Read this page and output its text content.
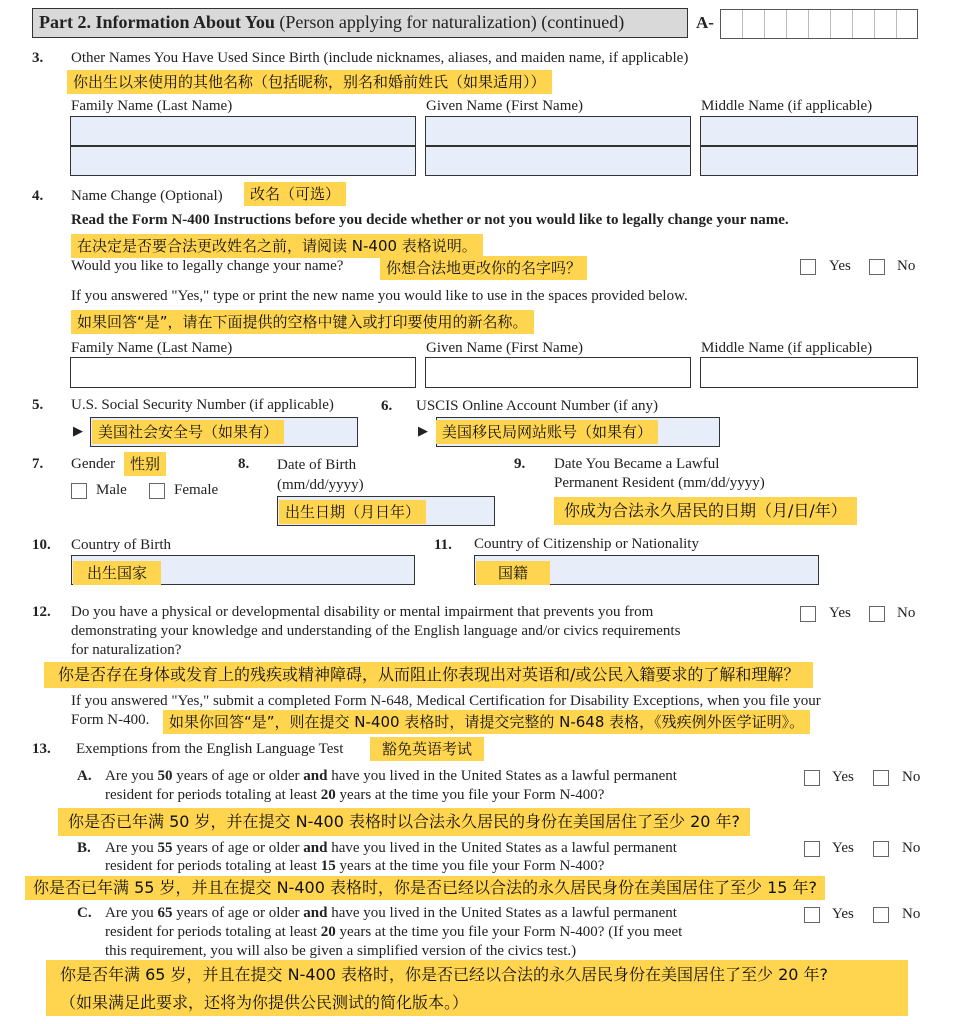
Part 2. Information About You (Person applying for naturalization) (continued)	A-
3. Other Names You Have Used Since Birth (include nicknames, aliases, and maiden name, if applicable)
你出生以来使用的其他名称（包括昵称，别名和婚前姓氏（如果适用））
Family Name (Last Name)	Given Name (First Name)	Middle Name (if applicable)
4. Name Change (Optional)	改名（可选）
Read the Form N-400 Instructions before you decide whether or not you would like to legally change your name.
在决定是否要合法更改姓名之前，请阅读 N-400 表格说明。
Would you like to legally change your name?	你想合法地更改你的名字吗？	Yes	No
If you answered "Yes," type or print the new name you would like to use in the spaces provided below.
如果回答“是”，请在下面提供的空格中键入或打印要使用的新名称。
Family Name (Last Name)	Given Name (First Name)	Middle Name (if applicable)
5. U.S. Social Security Number (if applicable)
▶	美国社会安全号（如果有）
6. USCIS Online Account Number (if any)
▶ 美国移民局网站账号（如果有）
7. Gender 性别
Male	Female
8. Date of Birth
(mm/dd/yyyy)
出生日期（月日年）
9. Date You Became a Lawful
Permanent Resident (mm/dd/yyyy)
你成为合法永久居民的日期（月/日/年）
10. Country of Birth
出生国家
11. Country of Citizenship or Nationality
国籍
12. Do you have a physical or developmental disability or mental impairment that prevents you from
demonstrating your knowledge and understanding of the English language and/or civics requirements
for naturalization?
Yes	No
你是否存在身体或发育上的残疾或精神障碍，从而阻止你表现出对英语和/或公民入籍要求的了解和理解？
If you answered "Yes," submit a completed Form N-648, Medical Certification for Disability Exceptions, when you file your
Form N-400.	如果你回答“是”，则在提交 N-400 表格时，请提交完整的 N-648 表格，《残疾例外医学证明》。
13. Exemptions from the English Language Test	豁免英语考试
A. Are you 50 years of age or older and have you lived in the United States as a lawful permanent
resident for periods totaling at least 20 years at the time you file your Form N-400?
Yes	No
你是否已年满 50 岁，并在提交 N-400 表格时以合法永久居民的身份在美国居住了至少 20 年?
B. Are you 55 years of age or older and have you lived in the United States as a lawful permanent
resident for periods totaling at least 15 years at the time you file your Form N-400?
Yes	No
你是否已年满 55 岁，并且在提交 N-400 表格时，你是否已经以合法的永久居民身份在美国居住了至少 15 年?
C. Are you 65 years of age or older and have you lived in the United States as a lawful permanent
resident for periods totaling at least 20 years at the time you file your Form N-400? (If you meet
this requirement, you will also be given a simplified version of the civics test.)
Yes	No
你是否年满 65 岁，并且在提交 N-400 表格时，你是否已经以合法的永久居民身份在美国居住了至少 20 年?
（如果满足此要求，还将为你提供公民测试的简化版本。）
